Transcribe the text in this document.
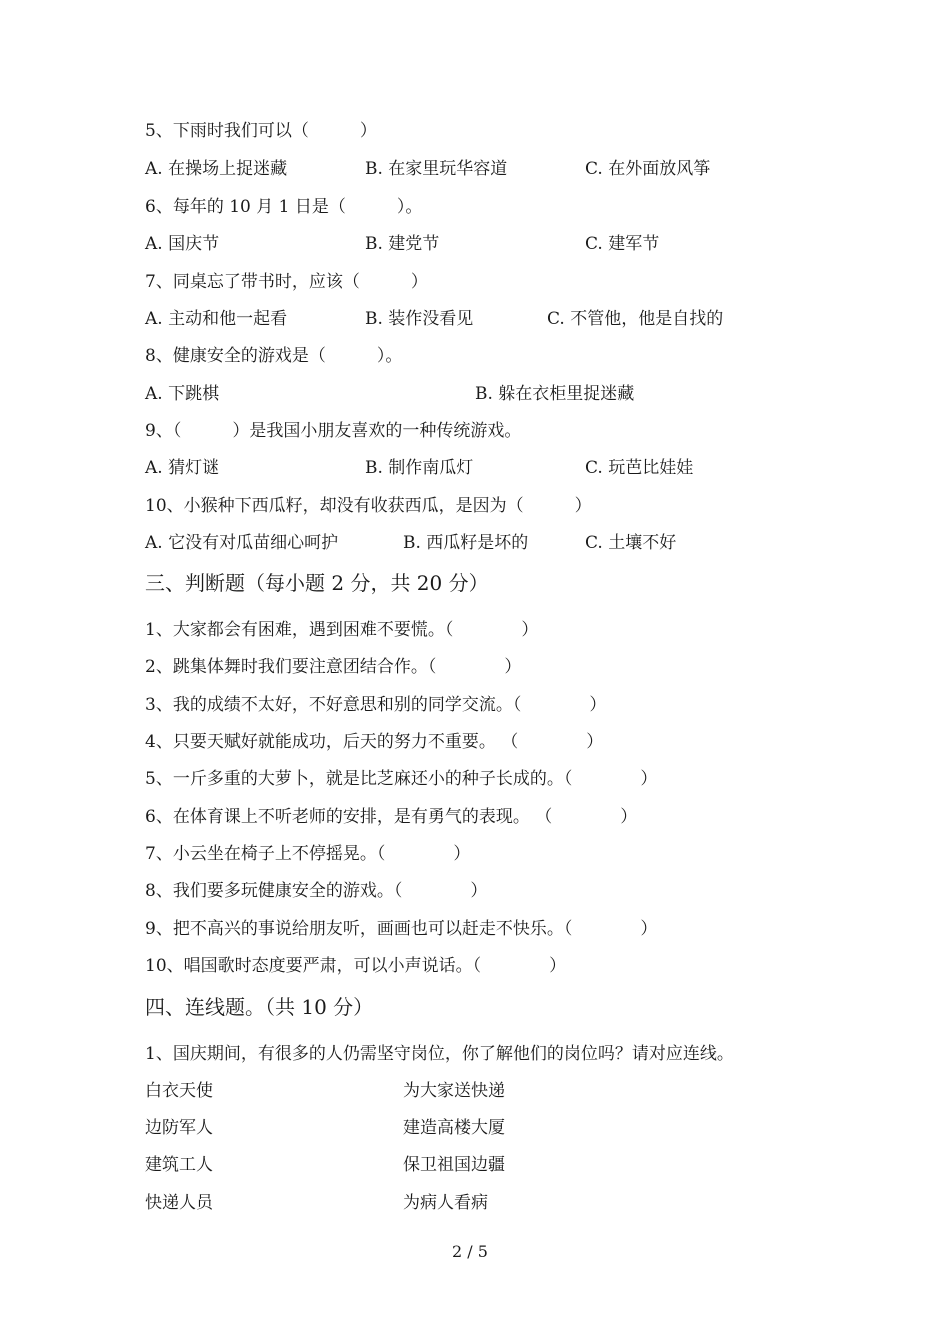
5、下雨时我们可以（　　　）
A. 在操场上捉迷藏	B. 在家里玩华容道	C. 在外面放风筝
6、每年的 10 月 1 日是（　　　）。
A. 国庆节	B. 建党节	C. 建军节
7、同桌忘了带书时，应该（　　　）
A. 主动和他一起看	B. 装作没看见	C. 不管他，他是自找的
8、健康安全的游戏是（　　　）。
A. 下跳棋	B. 躲在衣柜里捉迷藏
9、（　　　）是我国小朋友喜欢的一种传统游戏。
A. 猜灯谜	B. 制作南瓜灯	C. 玩芭比娃娃
10、小猴种下西瓜籽，却没有收获西瓜，是因为（　　　）
A. 它没有对瓜苗细心呵护	B. 西瓜籽是坏的	C. 土壤不好
三、判断题（每小题 2 分，共 20 分）
1、大家都会有困难，遇到困难不要慌。（　　　　）
2、跳集体舞时我们要注意团结合作。（　　　　）
3、我的成绩不太好，不好意思和别的同学交流。（　　　　）
4、只要天赋好就能成功，后天的努力不重要。 （　　　　）
5、一斤多重的大萝卜，就是比芝麻还小的种子长成的。（　　　　）
6、在体育课上不听老师的安排，是有勇气的表现。 （　　　　）
7、小云坐在椅子上不停摇晃。（　　　　）
8、我们要多玩健康安全的游戏。（　　　　）
9、把不高兴的事说给朋友听，画画也可以赶走不快乐。（　　　　）
10、唱国歌时态度要严肃，可以小声说话。（　　　　）
四、连线题。（共 10 分）
1、国庆期间，有很多的人仍需坚守岗位，你了解他们的岗位吗？请对应连线。
白衣天使	为大家送快递
边防军人	建造高楼大厦
建筑工人	保卫祖国边疆
快递人员	为病人看病
2 / 5
